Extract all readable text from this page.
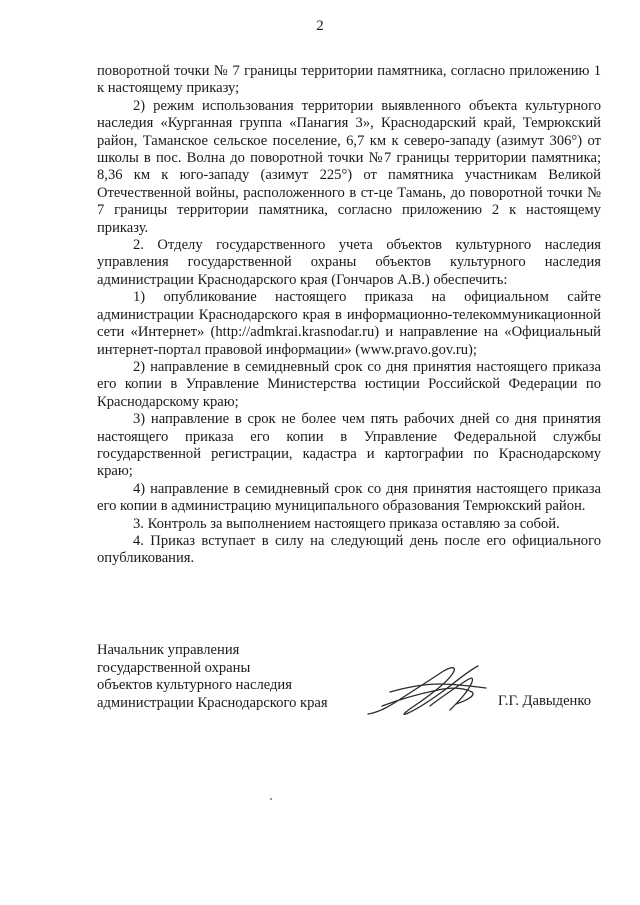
2

поворотной точки № 7 границы территории памятника, согласно приложению 1 к настоящему приказу;

2) режим использования территории выявленного объекта культурного наследия «Курганная группа «Панагия 3», Краснодарский край, Темрюкский район, Таманское сельское поселение, 6,7 км к северо-западу (азимут 306°) от школы в пос. Волна до поворотной точки №7 границы территории памятника; 8,36 км к юго-западу (азимут 225°) от памятника участникам Великой Отечественной войны, расположенного в ст-це Тамань, до поворотной точки № 7 границы территории памятника, согласно приложению 2 к настоящему приказу.

2. Отделу государственного учета объектов культурного наследия управления государственной охраны объектов культурного наследия администрации Краснодарского края (Гончаров А.В.) обеспечить:

1) опубликование настоящего приказа на официальном сайте администрации Краснодарского края в информационно-телекоммуникационной сети «Интернет» (http://admkrai.krasnodar.ru) и направление на «Официальный интернет-портал правовой информации» (www.pravo.gov.ru);

2) направление в семидневный срок со дня принятия настоящего приказа его копии в Управление Министерства юстиции Российской Федерации по Краснодарскому краю;

3) направление в срок не более чем пять рабочих дней со дня принятия настоящего приказа его копии в Управление Федеральной службы государственной регистрации, кадастра и картографии по Краснодарскому краю;

4) направление в семидневный срок со дня принятия настоящего приказа его копии в администрацию муниципального образования Темрюкский район.

3. Контроль за выполнением настоящего приказа оставляю за собой.

4. Приказ вступает в силу на следующий день после его официального опубликования.

Начальник управления
государственной охраны
объектов культурного наследия
администрации Краснодарского края	Г.Г. Давыденко
